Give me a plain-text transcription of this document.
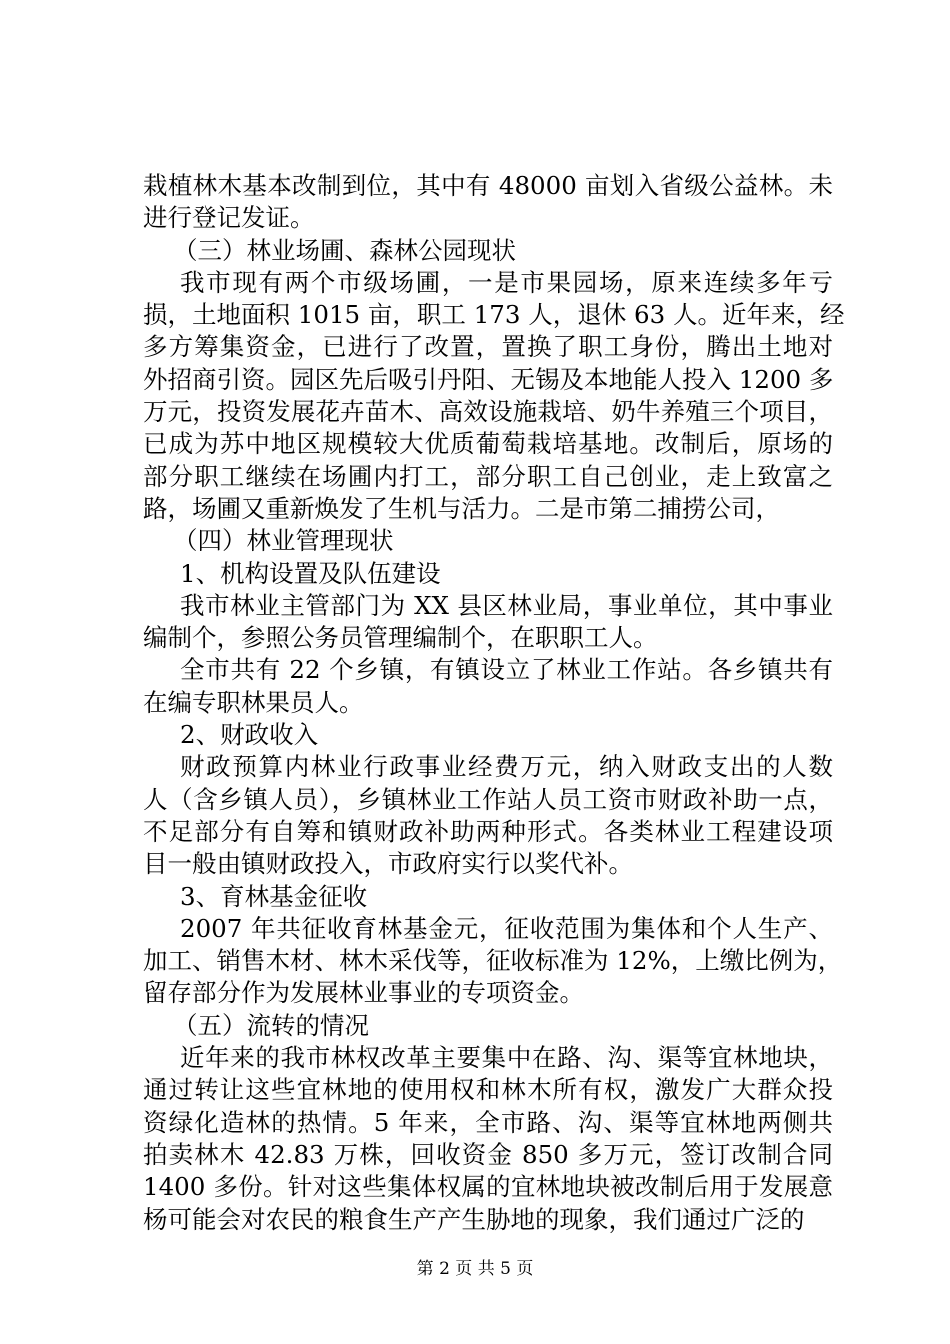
栽植林木基本改制到位，其中有 48000 亩划入省级公益林。未
进行登记发证。
（三）林业场圃、森林公园现状
我市现有两个市级场圃，一是市果园场，原来连续多年亏
损，土地面积 1015 亩，职工 173 人，退休 63 人。近年来，经
多方筹集资金，已进行了改置，置换了职工身份，腾出土地对
外招商引资。园区先后吸引丹阳、无锡及本地能人投入 1200 多
万元，投资发展花卉苗木、高效设施栽培、奶牛养殖三个项目，
已成为苏中地区规模较大优质葡萄栽培基地。改制后，原场的
部分职工继续在场圃内打工，部分职工自己创业，走上致富之
路，场圃又重新焕发了生机与活力。二是市第二捕捞公司，
（四）林业管理现状
1、机构设置及队伍建设
我市林业主管部门为 XX 县区林业局，事业单位，其中事业
编制个，参照公务员管理编制个，在职职工人。
全市共有 22 个乡镇，有镇设立了林业工作站。各乡镇共有
在编专职林果员人。
2、财政收入
财政预算内林业行政事业经费万元，纳入财政支出的人数
人（含乡镇人员），乡镇林业工作站人员工资市财政补助一点，
不足部分有自筹和镇财政补助两种形式。各类林业工程建设项
目一般由镇财政投入，市政府实行以奖代补。
3、育林基金征收
2007 年共征收育林基金元，征收范围为集体和个人生产、
加工、销售木材、林木采伐等，征收标准为 12%，上缴比例为，
留存部分作为发展林业事业的专项资金。
（五）流转的情况
近年来的我市林权改革主要集中在路、沟、渠等宜林地块，
通过转让这些宜林地的使用权和林木所有权，激发广大群众投
资绿化造林的热情。5 年来，全市路、沟、渠等宜林地两侧共
拍卖林木 42.83 万株，回收资金 850 多万元，签订改制合同
1400 多份。针对这些集体权属的宜林地块被改制后用于发展意
杨可能会对农民的粮食生产产生胁地的现象，我们通过广泛的
第 2 页 共 5 页
